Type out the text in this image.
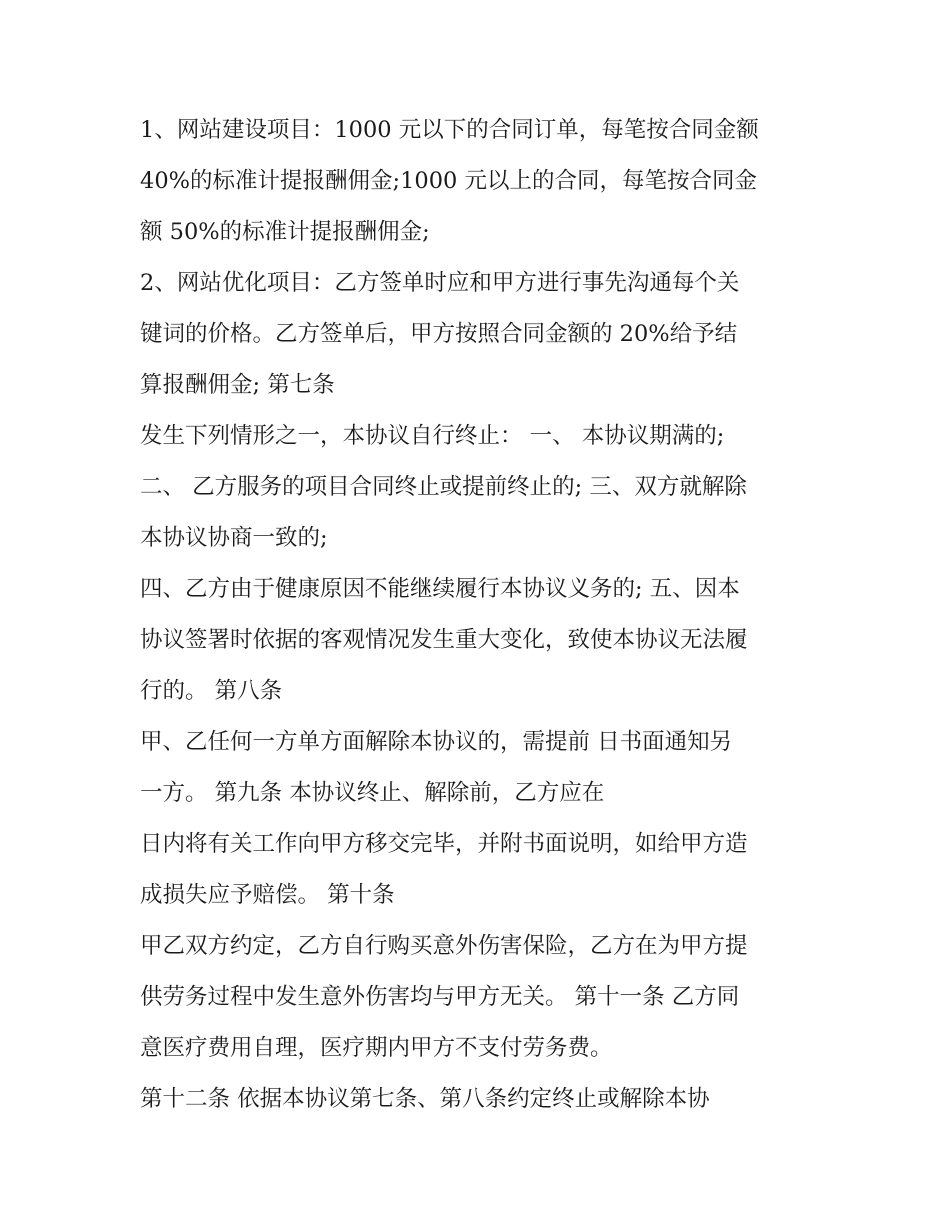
1、网站建设项目：1000 元以下的合同订单，每笔按合同金额
40%的标准计提报酬佣金;1000 元以上的合同，每笔按合同金
额 50%的标准计提报酬佣金;
2、网站优化项目：乙方签单时应和甲方进行事先沟通每个关
键词的价格。乙方签单后，甲方按照合同金额的 20%给予结
算报酬佣金; 第七条
发生下列情形之一，本协议自行终止： 一、 本协议期满的;
二、 乙方服务的项目合同终止或提前终止的; 三、双方就解除
本协议协商一致的;
四、乙方由于健康原因不能继续履行本协议义务的; 五、因本
协议签署时依据的客观情况发生重大变化，致使本协议无法履
行的。 第八条
甲、乙任何一方单方面解除本协议的，需提前 日书面通知另
一方。 第九条 本协议终止、解除前，乙方应在
日内将有关工作向甲方移交完毕，并附书面说明，如给甲方造
成损失应予赔偿。 第十条
甲乙双方约定，乙方自行购买意外伤害保险，乙方在为甲方提
供劳务过程中发生意外伤害均与甲方无关。 第十一条 乙方同
意医疗费用自理，医疗期内甲方不支付劳务费。
第十二条 依据本协议第七条、第八条约定终止或解除本协
